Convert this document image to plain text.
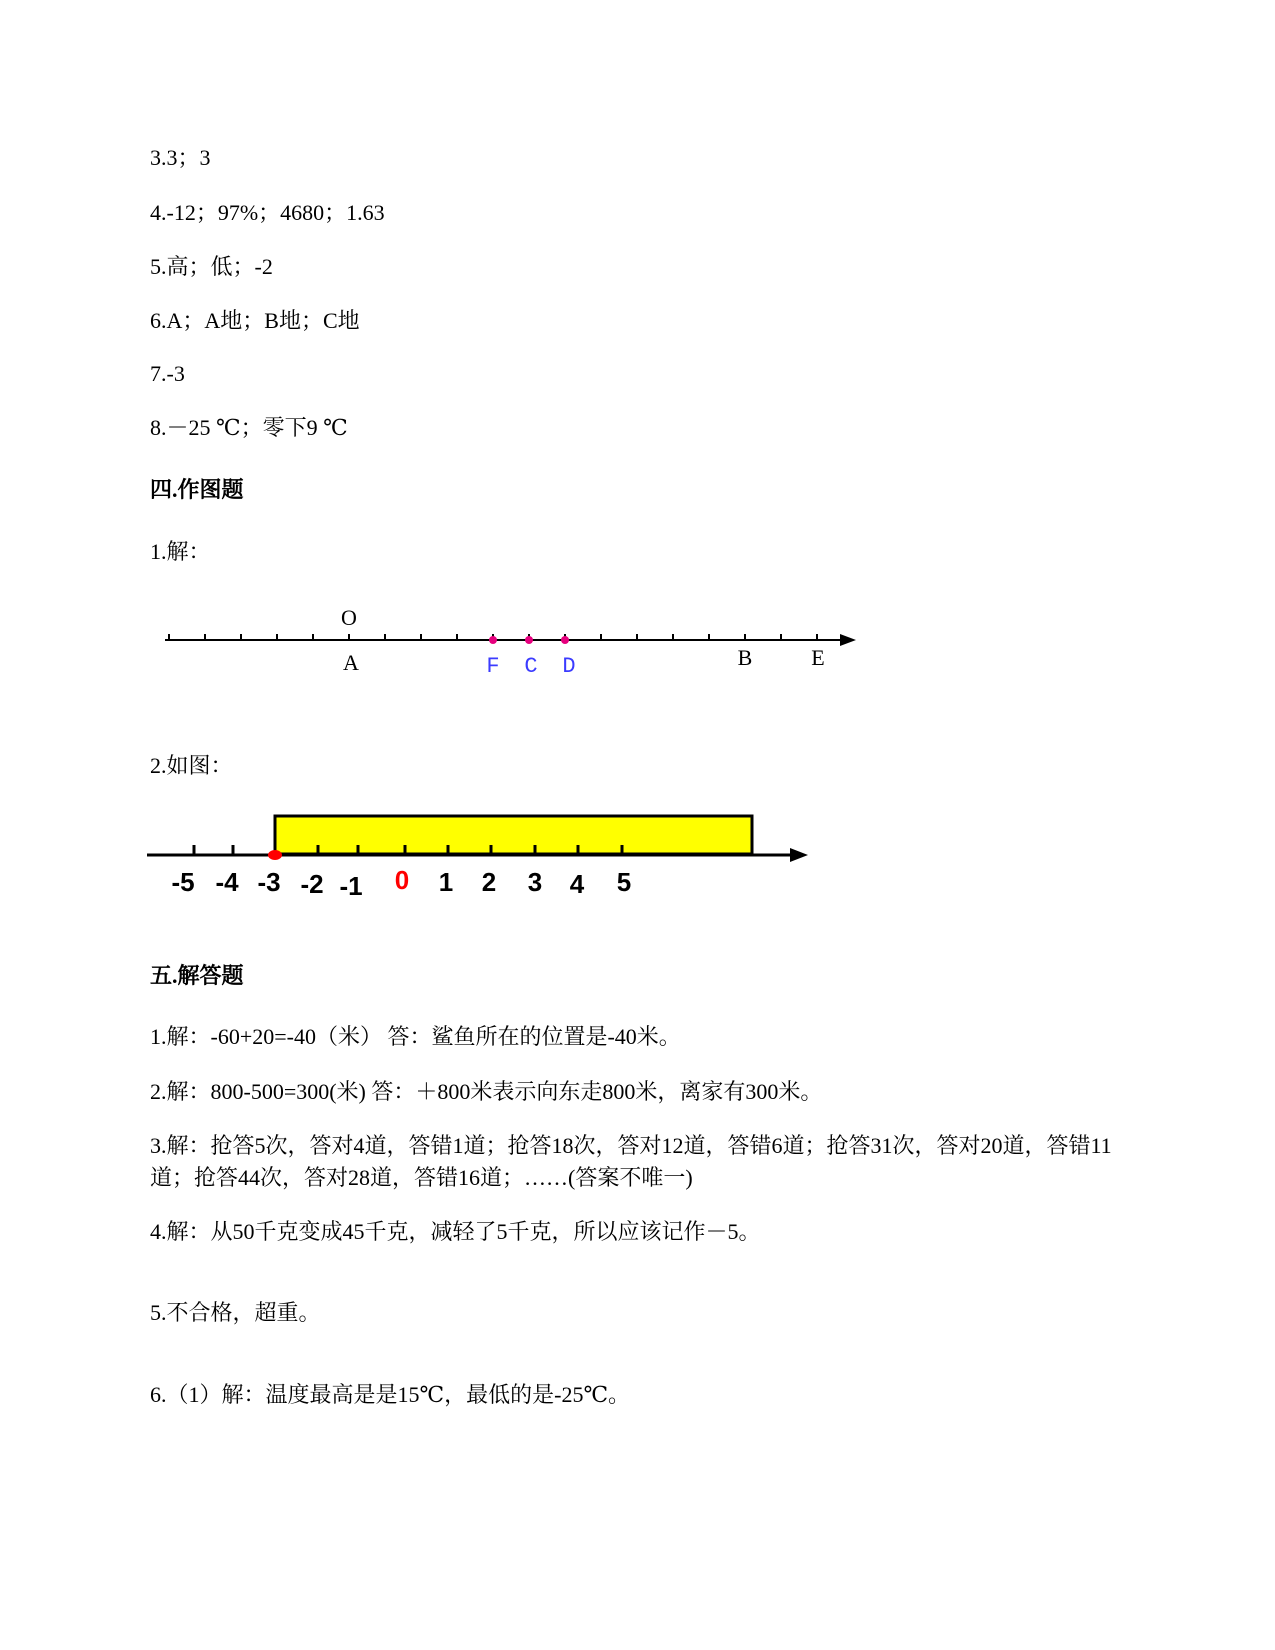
3.3；3
4.-12；97%；4680；1.63
5.高；低；-2
6.A；A地；B地；C地
7.-3
8.－25 ℃；零下9 ℃
四.作图题
1.解：
O
A	F C D	B	E
2.如图：
-5 -4 -3 -2 -1 0 1 2 3 4 5
五.解答题
1.解：-60+20=-40（米） 答：鲨鱼所在的位置是-40米。
2.解：800-500=300(米) 答：＋800米表示向东走800米，离家有300米。
3.解：抢答5次，答对4道，答错1道；抢答18次，答对12道，答错6道；抢答31次，答对20道，答错11道；抢答44次，答对28道，答错16道；……(答案不唯一)
4.解：从50千克变成45千克，减轻了5千克，所以应该记作－5。
5.不合格，超重。
6.（1）解：温度最高是是15℃，最低的是-25℃。
